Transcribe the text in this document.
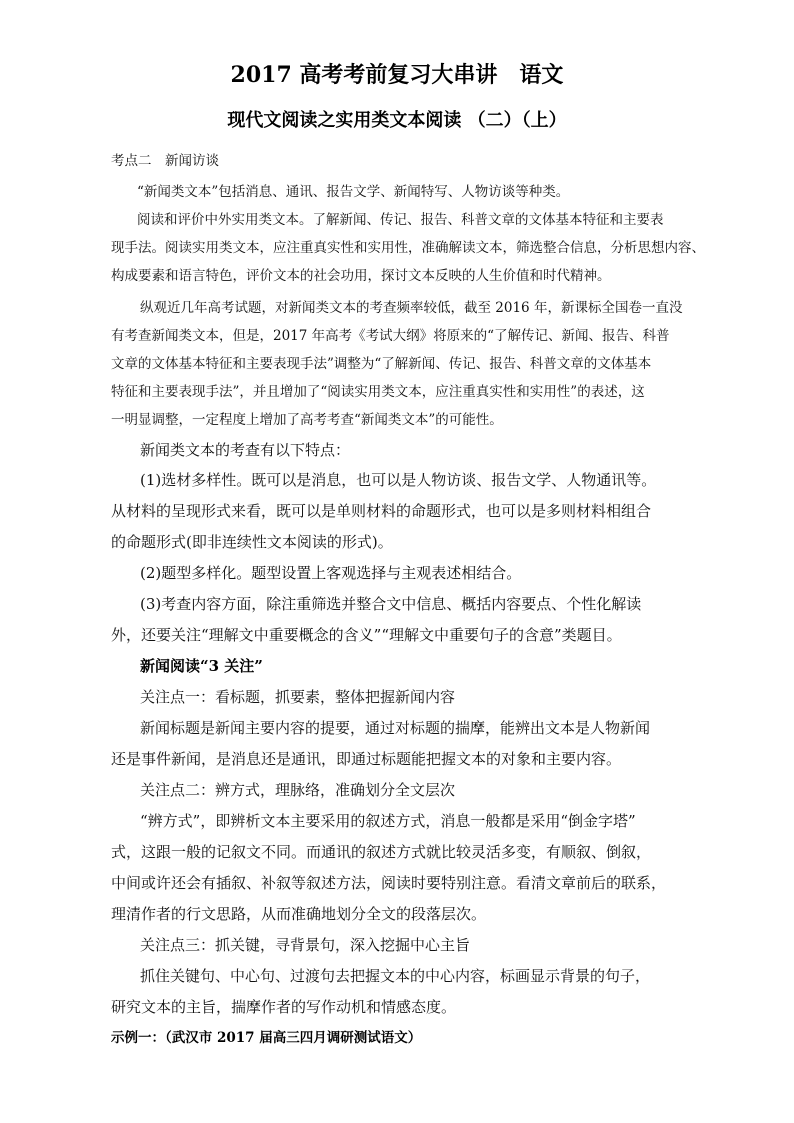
2017 高考考前复习大串讲　语文
现代文阅读之实用类文本阅读 （二）（上）
考点二　新闻访谈
“新闻类文本”包括消息、通讯、报告文学、新闻特写、人物访谈等种类。
阅读和评价中外实用类文本。了解新闻、传记、报告、科普文章的文体基本特征和主要表
现手法。阅读实用类文本，应注重真实性和实用性，准确解读文本，筛选整合信息，分析思想内容、
构成要素和语言特色，评价文本的社会功用，探讨文本反映的人生价值和时代精神。
纵观近几年高考试题，对新闻类文本的考查频率较低，截至 2016 年，新课标全国卷一直没
有考查新闻类文本，但是，2017 年高考《考试大纲》将原来的“了解传记、新闻、报告、科普
文章的文体基本特征和主要表现手法”调整为“了解新闻、传记、报告、科普文章的文体基本
特征和主要表现手法”，并且增加了“阅读实用类文本，应注重真实性和实用性”的表述，这
一明显调整，一定程度上增加了高考考查“新闻类文本”的可能性。
新闻类文本的考查有以下特点：
(1)选材多样性。既可以是消息，也可以是人物访谈、报告文学、人物通讯等。
从材料的呈现形式来看，既可以是单则材料的命题形式，也可以是多则材料相组合
的命题形式(即非连续性文本阅读的形式)。
(2)题型多样化。题型设置上客观选择与主观表述相结合。
(3)考查内容方面，除注重筛选并整合文中信息、概括内容要点、个性化解读
外，还要关注“理解文中重要概念的含义”“理解文中重要句子的含意”类题目。
新闻阅读“3 关注”
关注点一：看标题，抓要素，整体把握新闻内容
新闻标题是新闻主要内容的提要，通过对标题的揣摩，能辨出文本是人物新闻
还是事件新闻，是消息还是通讯，即通过标题能把握文本的对象和主要内容。
关注点二：辨方式，理脉络，准确划分全文层次
“辨方式”，即辨析文本主要采用的叙述方式，消息一般都是采用“倒金字塔”
式，这跟一般的记叙文不同。而通讯的叙述方式就比较灵活多变，有顺叙、倒叙，
中间或许还会有插叙、补叙等叙述方法，阅读时要特别注意。看清文章前后的联系，
理清作者的行文思路，从而准确地划分全文的段落层次。
关注点三：抓关键，寻背景句，深入挖掘中心主旨
抓住关键句、中心句、过渡句去把握文本的中心内容，标画显示背景的句子，
研究文本的主旨，揣摩作者的写作动机和情感态度。
示例一：（武汉市 2017 届高三四月调研测试语文）
